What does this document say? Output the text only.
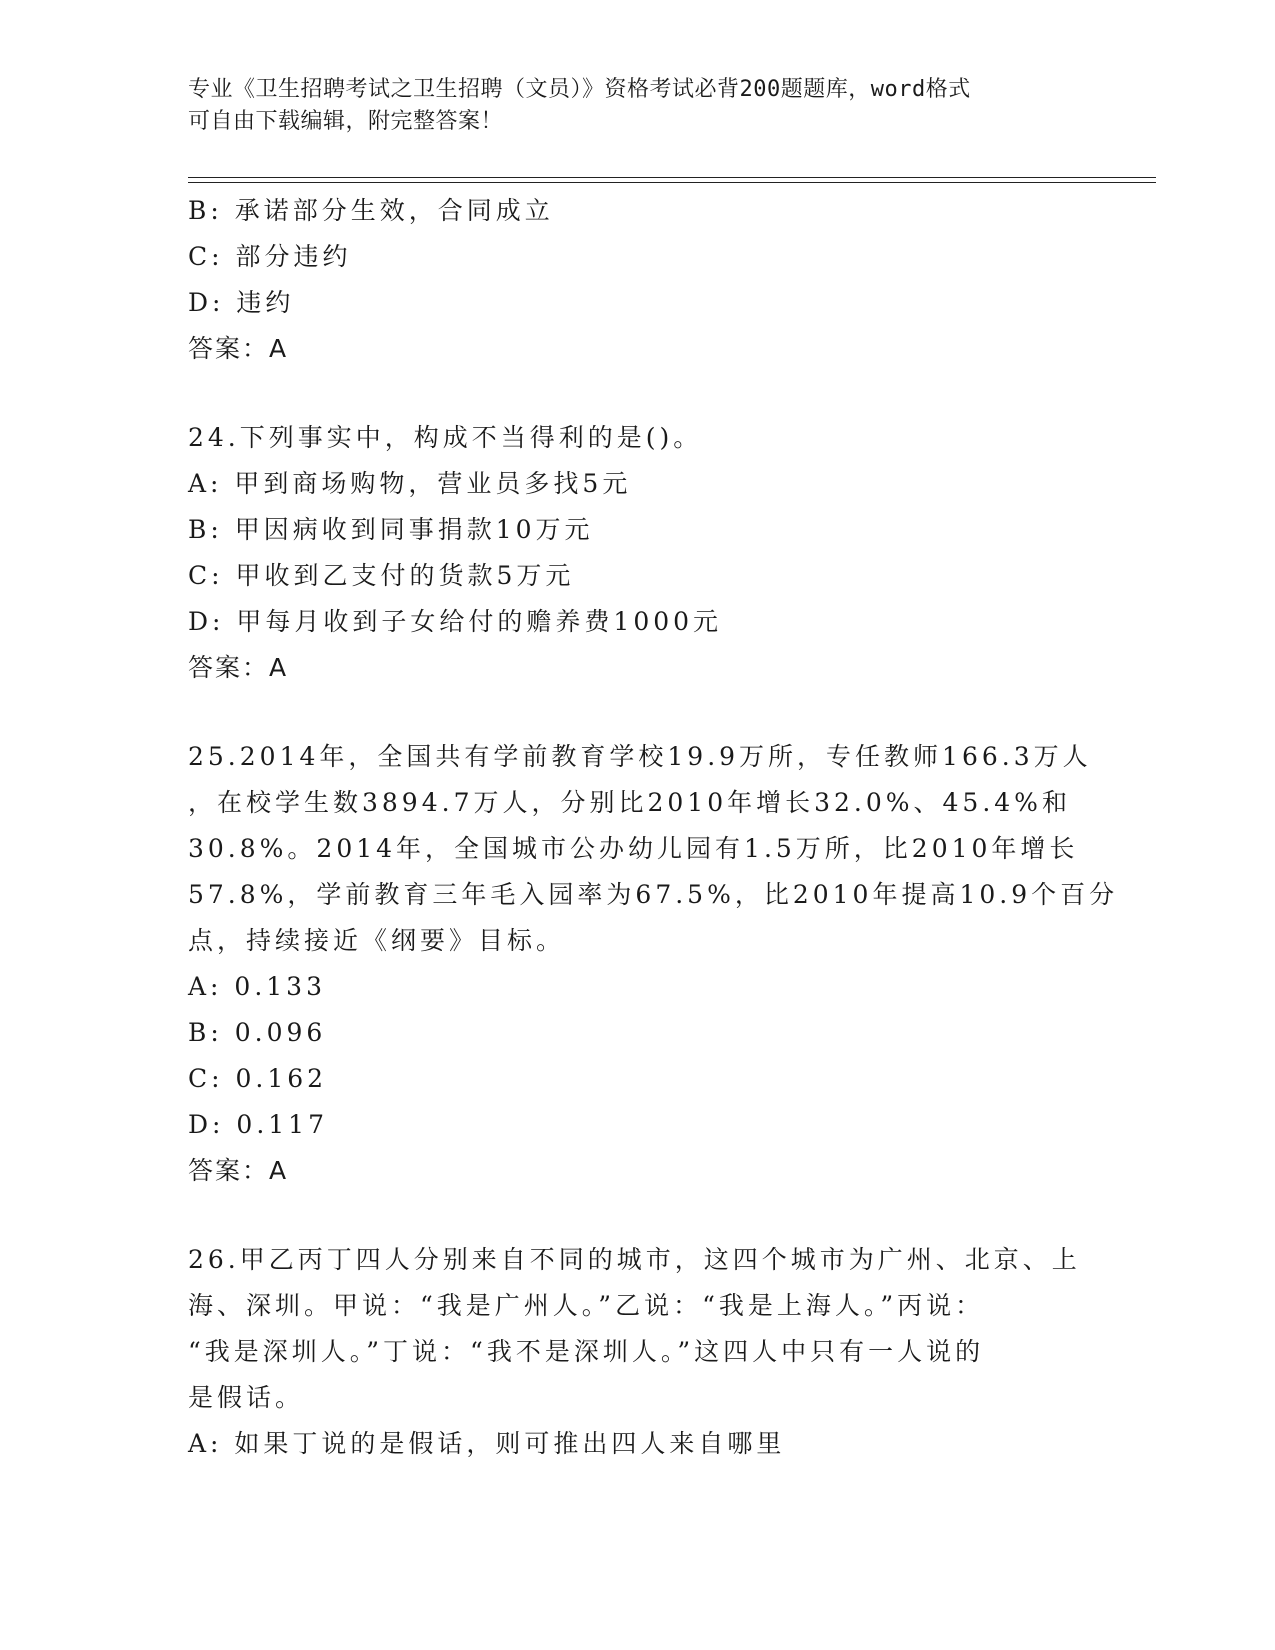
专业《卫生招聘考试之卫生招聘（文员）》资格考试必背200题题库，word格式
可自由下载编辑，附完整答案！
B: 承诺部分生效，合同成立
C: 部分违约
D: 违约
答案：A
24.下列事实中，构成不当得利的是()。
A: 甲到商场购物，营业员多找5元
B: 甲因病收到同事捐款10万元
C: 甲收到乙支付的货款5万元
D: 甲每月收到子女给付的赡养费1000元
答案：A
25.2014年，全国共有学前教育学校19.9万所，专任教师166.3万人
，在校学生数3894.7万人，分别比2010年增长32.0%、45.4%和
30.8%。2014年，全国城市公办幼儿园有1.5万所，比2010年增长
57.8%，学前教育三年毛入园率为67.5%，比2010年提高10.9个百分
点，持续接近《纲要》目标。
A: 0.133
B: 0.096
C: 0.162
D: 0.117
答案：A
26.甲乙丙丁四人分别来自不同的城市，这四个城市为广州、北京、上
海、深圳。甲说：“我是广州人。”乙说：“我是上海人。”丙说：
“我是深圳人。”丁说：“我不是深圳人。”这四人中只有一人说的
是假话。
A: 如果丁说的是假话，则可推出四人来自哪里
